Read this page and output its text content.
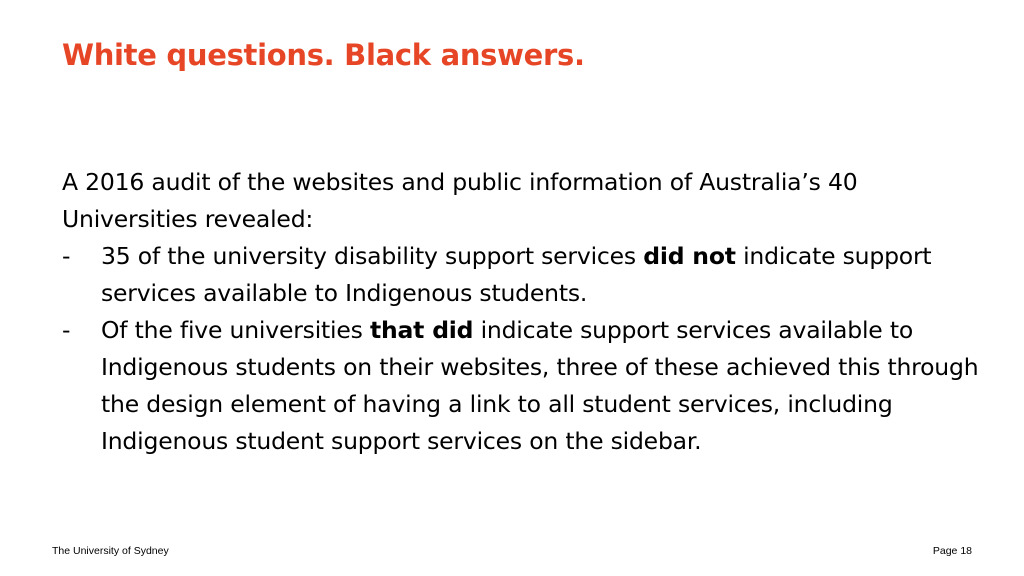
White questions. Black answers.

A 2016 audit of the websites and public information of Australia’s 40 Universities revealed:

- 35 of the university disability support services did not indicate support services available to Indigenous students.
- Of the five universities that did indicate support services available to Indigenous students on their websites, three of these achieved this through the design element of having a link to all student services, including Indigenous student support services on the sidebar.
The University of Sydney	Page 18
